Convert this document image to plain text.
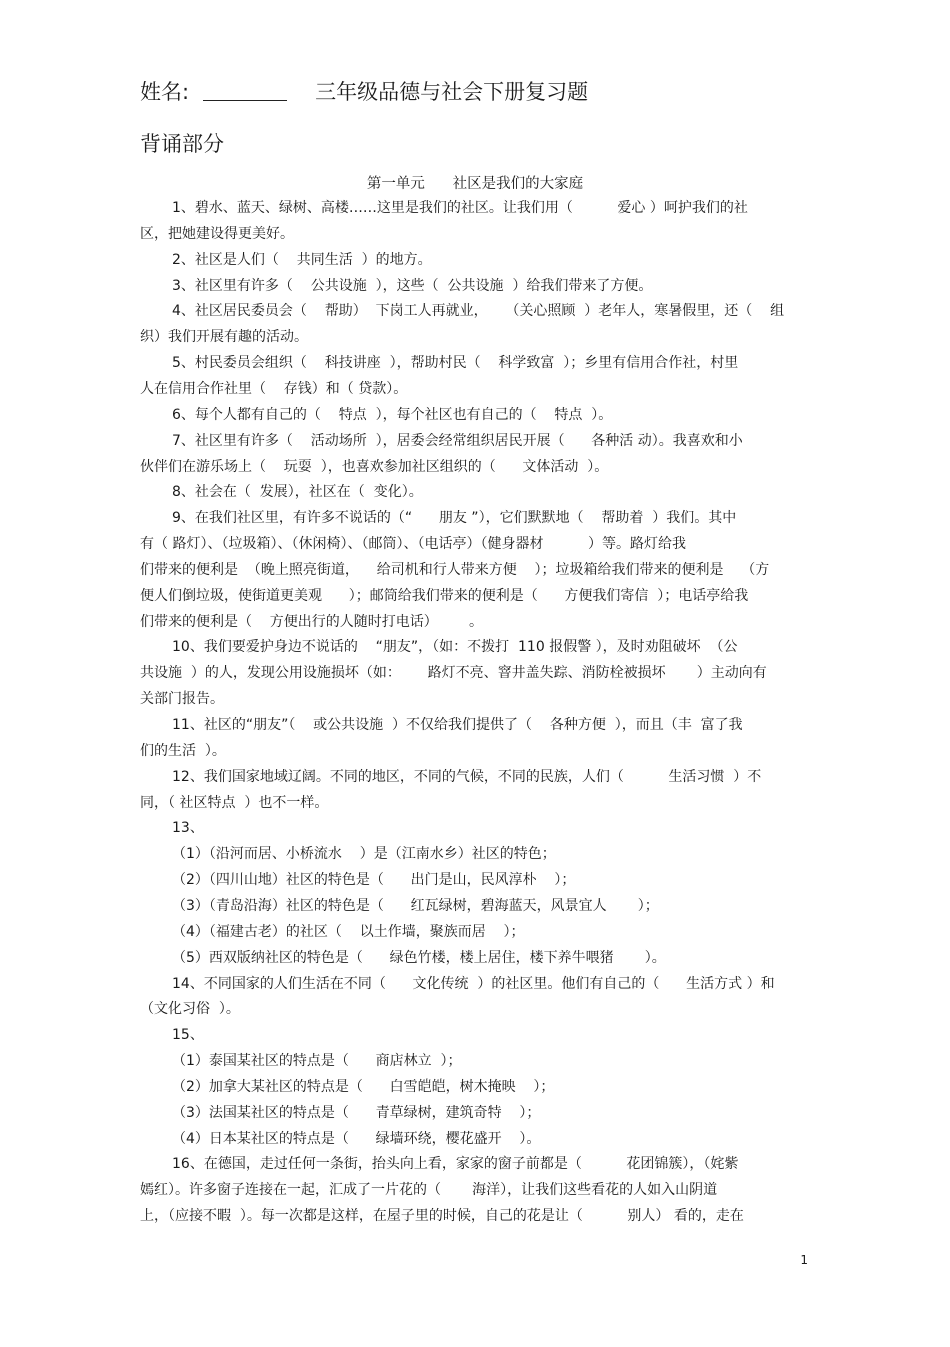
姓名:	三年级品德与社会下册复习题
背诵部分
第一单元      社区是我们的大家庭
1、碧水、蓝天、绿树、高楼……这里是我们的社区。让我们用（          爱心 ）呵护我们的社
区，把她建设得更美好。
2、社区是人们（    共同生活  ）的地方。
3、社区里有许多（    公共设施  ），这些（  公共设施  ）给我们带来了方便。
4、社区居民委员会（    帮助）  下岗工人再就业，    （关心照顾  ）老年人，寒暑假里，还（    组
织）我们开展有趣的活动。
5、村民委员会组织（    科技讲座  ），帮助村民（    科学致富  ）；乡里有信用合作社，村里
人在信用合作社里（    存钱）和（ 贷款）。
6、每个人都有自己的（    特点  ），每个社区也有自己的（    特点  ）。
7、社区里有许多（    活动场所  ），居委会经常组织居民开展（      各种活 动）。我喜欢和小
伙伴们在游乐场上（    玩耍  ），也喜欢参加社区组织的（      文体活动  ）。
8、社会在（  发展），社区在（  变化）。
9、在我们社区里，有许多不说话的（“      朋友 ”），它们默默地（    帮助着  ）我们。其中
有（ 路灯）、（垃圾箱）、（休闲椅）、（邮筒）、（电话亭）（健身器材          ）等。路灯给我
们带来的便利是  （晚上照亮街道，    给司机和行人带来方便    ）；垃圾箱给我们带来的便利是    （方
便人们倒垃圾，使街道更美观      ）；邮筒给我们带来的便利是（      方便我们寄信  ）；电话亭给我
们带来的便利是（    方便出行的人随时打电话）       。
10、我们要爱护身边不说话的    “朋友”，（如：不拨打  110 报假警 ），及时劝阻破坏  （公
共设施  ）的人，发现公用设施损坏（如：      路灯不亮、窨井盖失踪、消防栓被损坏       ）主动向有
关部门报告。
11、社区的“朋友”（    或公共设施  ）不仅给我们提供了（    各种方便  ），而且（丰  富了我
们的生活  ）。
12、我们国家地域辽阔。不同的地区，不同的气候，不同的民族，人们（          生活习惯  ）不
同，（ 社区特点  ）也不一样。
13、
（1）（沿河而居、小桥流水    ）是（江南水乡）社区的特色；
（2）（四川山地）社区的特色是（      出门是山，民风淳朴    ）；
（3）（青岛沿海）社区的特色是（      红瓦绿树，碧海蓝天，风景宜人       ）；
（4）（福建古老）的社区（    以土作墙，聚族而居    ）；
（5）西双版纳社区的特色是（      绿色竹楼，楼上居住，楼下养牛喂猪       ）。
14、不同国家的人们生活在不同（      文化传统  ）的社区里。他们有自己的（      生活方式 ）和
（文化习俗  ）。
15、
（1）泰国某社区的特点是（      商店林立  ）；
（2）加拿大某社区的特点是（      白雪皑皑，树木掩映    ）；
（3）法国某社区的特点是（      青草绿树，建筑奇特    ）；
（4）日本某社区的特点是（      绿墙环绕，樱花盛开    ）。
16、在德国，走过任何一条街，抬头向上看，家家的窗子前都是（          花团锦簇），（姹紫
嫣红）。许多窗子连接在一起，汇成了一片花的（       海洋），让我们这些看花的人如入山阴道
上，（应接不暇  ）。每一次都是这样，在屋子里的时候，自己的花是让（          别人） 看的，走在
1
